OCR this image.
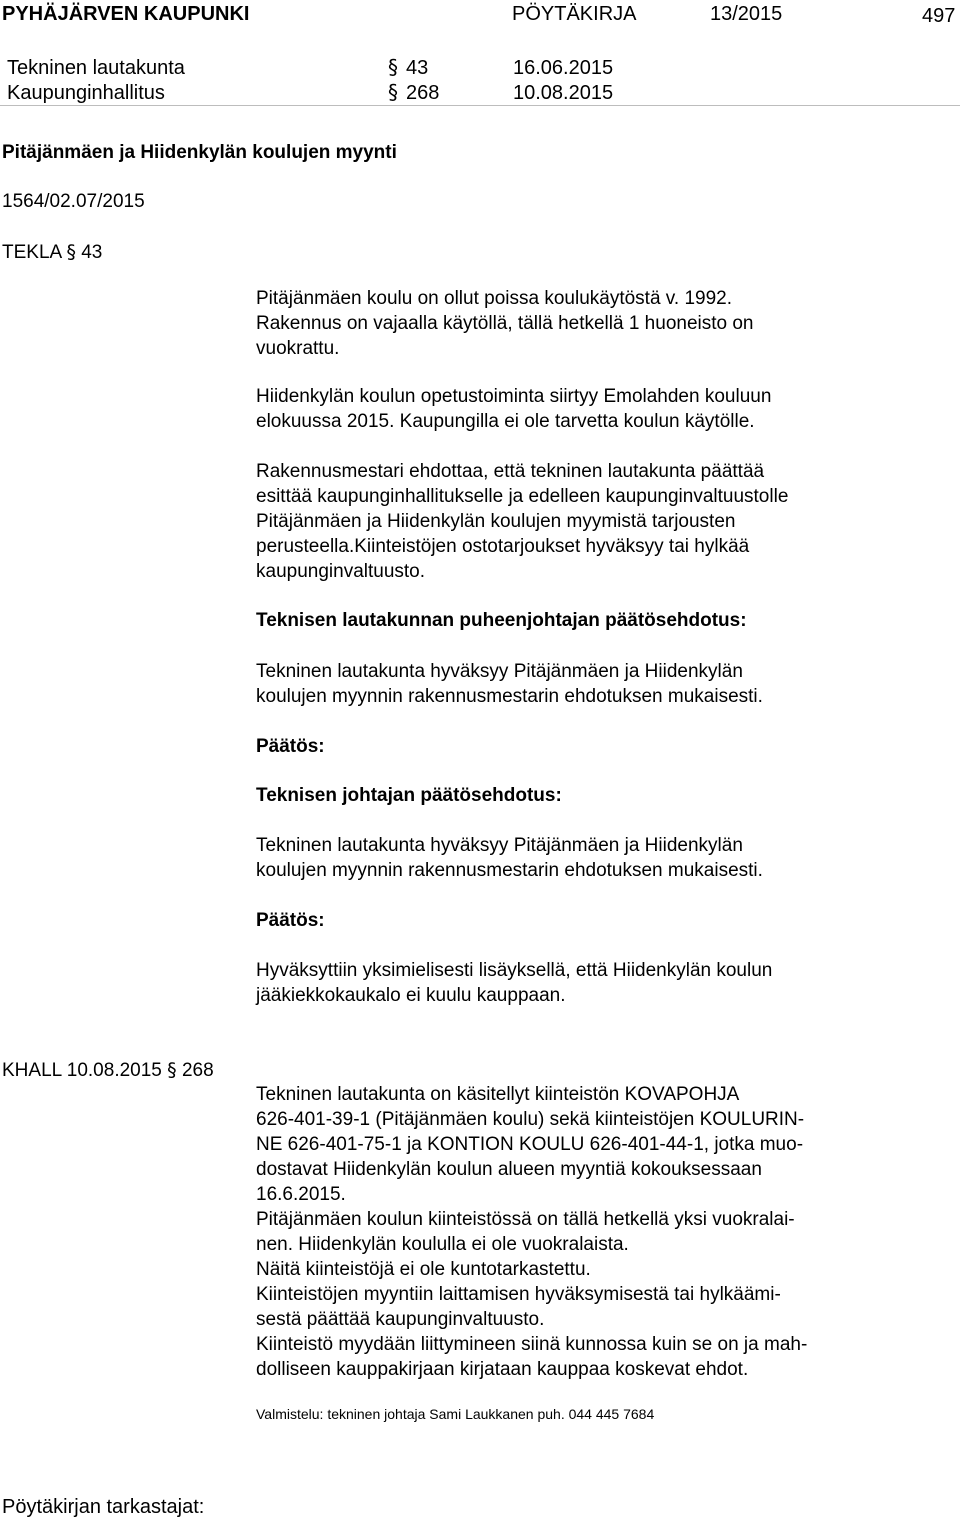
PYHÄJÄRVEN KAUPUNKI	PÖYTÄKIRJA	13/2015	497
Tekninen lautakunta	§ 43	16.06.2015
Kaupunginhallitus	§ 268	10.08.2015
Pitäjänmäen ja Hiidenkylän koulujen myynti
1564/02.07/2015
TEKLA § 43
Pitäjänmäen koulu on ollut poissa koulukäytöstä v. 1992.
Rakennus on vajaalla käytöllä, tällä hetkellä 1 huoneisto on
vuokrattu.
Hiidenkylän koulun opetustoiminta siirtyy Emolahden kouluun
elokuussa 2015. Kaupungilla ei ole tarvetta koulun käytölle.
Rakennusmestari ehdottaa, että tekninen lautakunta päättää
esittää kaupunginhallitukselle ja edelleen kaupunginvaltuustolle
Pitäjänmäen ja Hiidenkylän koulujen myymistä tarjousten
perusteella.Kiinteistöjen ostotarjoukset hyväksyy tai hylkää
kaupunginvaltuusto.
Teknisen lautakunnan puheenjohtajan päätösehdotus:
Tekninen lautakunta hyväksyy Pitäjänmäen ja Hiidenkylän
koulujen myynnin rakennusmestarin ehdotuksen mukaisesti.
Päätös:
Teknisen johtajan päätösehdotus:
Tekninen lautakunta hyväksyy Pitäjänmäen ja Hiidenkylän
koulujen myynnin rakennusmestarin ehdotuksen mukaisesti.
Päätös:
Hyväksyttiin yksimielisesti lisäyksellä, että Hiidenkylän koulun
jääkiekkokaukalo ei kuulu kauppaan.
KHALL 10.08.2015 § 268
Tekninen lautakunta on käsitellyt kiinteistön KOVAPOHJA
626-401-39-1 (Pitäjänmäen koulu) sekä kiinteistöjen KOULURIN-
NE 626-401-75-1 ja KONTION KOULU 626-401-44-1, jotka muo-
dostavat Hiidenkylän koulun alueen myyntiä kokouksessaan
16.6.2015.
Pitäjänmäen koulun kiinteistössä on tällä hetkellä yksi vuokralai-
nen. Hiidenkylän koululla ei ole vuokralaista.
Näitä kiinteistöjä ei ole kuntotarkastettu.
Kiinteistöjen myyntiin laittamisen hyväksymisestä tai hylkäämi-
sestä päättää kaupunginvaltuusto.
Kiinteistö myydään liittymineen siinä kunnossa kuin se on ja mah-
dolliseen kauppakirjaan kirjataan kauppaa koskevat ehdot.
Valmistelu: tekninen johtaja Sami Laukkanen puh. 044 445 7684
Pöytäkirjan tarkastajat:
